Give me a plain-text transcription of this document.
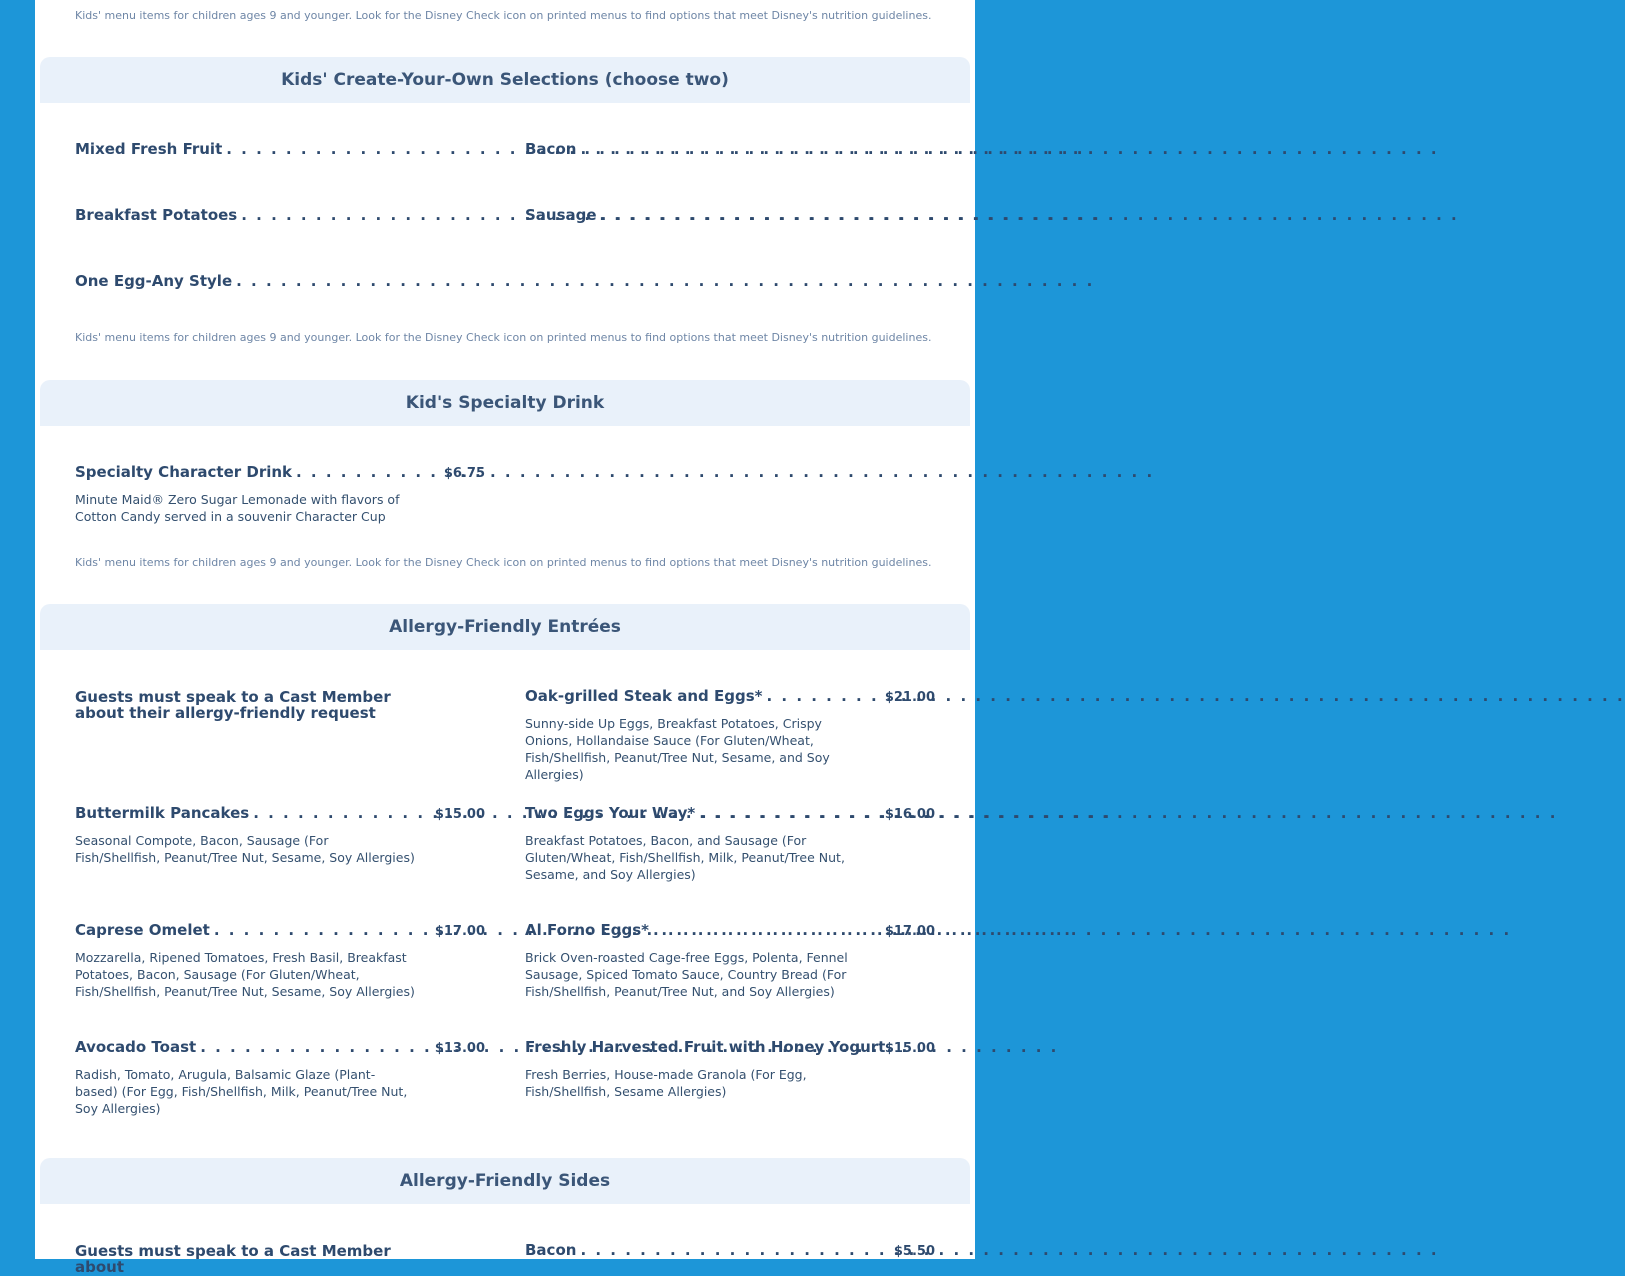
Kids' menu items for children ages 9 and younger. Look for the Disney Check icon on printed menus to find options that meet Disney's nutrition guidelines.
Kids' Create-Your-Own Selections (choose two)
Mixed Fresh Fruit . . .	Bacon
. . .
Breakfast Potatoes . . .	Sausage
. . .
One Egg-Any Style
. . .
Kids' menu items for children ages 9 and younger. Look for the Disney Check icon on printed menus to find options that meet Disney's nutrition guidelines.
Kid's Specialty Drink
Specialty Character Drink . . .	$6.75
Minute Maid® Zero Sugar Lemonade with flavors of Cotton Candy served in a souvenir Character Cup
Kids' menu items for children ages 9 and younger. Look for the Disney Check icon on printed menus to find options that meet Disney's nutrition guidelines.
Allergy-Friendly Entrées
Guests must speak to a Cast Member about their allergy-friendly request
Oak-grilled Steak and Eggs* . . .	$21.00
Sunny-side Up Eggs, Breakfast Potatoes, Crispy Onions, Hollandaise Sauce (For Gluten/Wheat, Fish/Shellfish, Peanut/Tree Nut, Sesame, and Soy Allergies)
Buttermilk Pancakes . . .	$15.00
Seasonal Compote, Bacon, Sausage (For Fish/Shellfish, Peanut/Tree Nut, Sesame, Soy Allergies)
Two Eggs Your Way* . . .	$16.00
Breakfast Potatoes, Bacon, and Sausage (For Gluten/Wheat, Fish/Shellfish, Milk, Peanut/Tree Nut, Sesame, and Soy Allergies)
Caprese Omelet . . .	$17.00
Mozzarella, Ripened Tomatoes, Fresh Basil, Breakfast Potatoes, Bacon, Sausage (For Gluten/Wheat, Fish/Shellfish, Peanut/Tree Nut, Sesame, Soy Allergies)
Al Forno Eggs* . . .	$17.00
Brick Oven-roasted Cage-free Eggs, Polenta, Fennel Sausage, Spiced Tomato Sauce, Country Bread (For Fish/Shellfish, Peanut/Tree Nut, and Soy Allergies)
Avocado Toast . . .	$13.00
Radish, Tomato, Arugula, Balsamic Glaze (Plant-based) (For Egg, Fish/Shellfish, Milk, Peanut/Tree Nut, Soy Allergies)
Freshly Harvested Fruit with Honey Yogurt $15.00
Fresh Berries, House-made Granola (For Egg, Fish/Shellfish, Sesame Allergies)
Allergy-Friendly Sides
Guests must speak to a Cast Member about
Bacon . . .	$5.50
